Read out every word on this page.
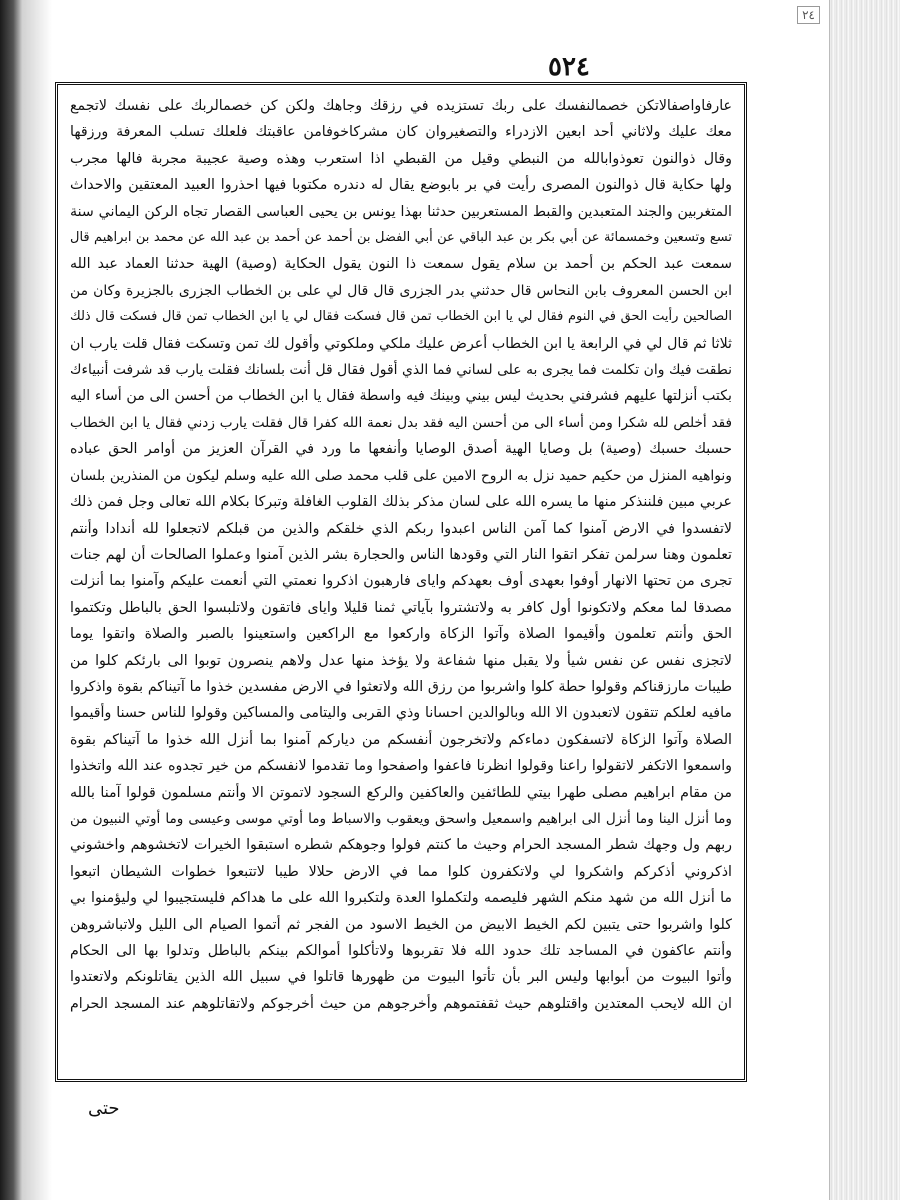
٢٤
٥٢٤
عارفاواصفالاتكن خصمالنفسك على ربك تستزيده في رزقك وجاهك ولكن كن خصمالربك على نفسك لاتجمع
معك عليك ولاثاني أحد ابعين الازدراء والتصغيروان كان مشركاخوفامن عاقبتك فلعلك تسلب المعرفة ورزقها
وقال ذوالنون تعوذوابالله من النبطي وقيل من القبطي اذا استعرب وهذه وصية عجيبة مجربة فالها مجرب
ولها حكاية قال ذوالنون المصرى رأيت في بر بابوضع يقال له دندره مكتوبا فيها احذروا العبيد المعتقين والاحداث
المتغربين والجند المتعبدين والقبط المستعربين حدثنا بهذا يونس بن يحيى العباسى القصار تجاه الركن اليماني سنة
تسع وتسعين وخمسمائة عن أبي بكر بن عبد الباقي عن أبي الفضل بن أحمد عن أحمد بن عبد الله عن محمد بن ابراهيم قال
سمعت عبد الحكم بن أحمد بن سلام يقول سمعت ذا النون يقول الحكاية (وصية) الهية حدثنا العماد عبد الله
ابن الحسن المعروف بابن النحاس قال حدثني بدر الجزرى قال قال لي على بن الخطاب الجزرى بالجزيرة وكان من
الصالحين رأيت الحق في النوم فقال لي يا ابن الخطاب تمن قال فسكت فقال لي يا ابن الخطاب تمن قال فسكت قال ذلك
ثلاثا ثم قال لي في الرابعة يا ابن الخطاب أعرض عليك ملكي وملكوتي وأقول لك تمن وتسكت فقال قلت يارب ان
نطقت فيك وان تكلمت فما يجرى به على لساني فما الذي أقول فقال قل أنت بلسانك فقلت يارب قد شرفت أنبياءك
بكتب أنزلتها عليهم فشرفني بحديث ليس بيني وبينك فيه واسطة فقال يا ابن الخطاب من أحسن الى من أساء اليه
فقد أخلص لله شكرا ومن أساء الى من أحسن اليه فقد بدل نعمة الله كفرا قال فقلت يارب زدني فقال يا ابن الخطاب
حسبك حسبك (وصية) بل وصايا الهية أصدق الوصايا وأنفعها ما ورد في القرآن العزيز من أوامر الحق عباده
ونواهيه المنزل من حكيم حميد نزل به الروح الامين على قلب محمد صلى الله عليه وسلم ليكون من المنذرين بلسان
عربي مبين فلننذكر منها ما يسره الله على لسان مذكر بذلك القلوب الغافلة وتبركا بكلام الله تعالى وجل فمن ذلك
لاتفسدوا في الارض آمنوا كما آمن الناس اعبدوا ربكم الذي خلقكم والذين من قبلكم لاتجعلوا لله أندادا وأنتم
تعلمون وهنا سرلمن تفكر اتقوا النار التي وقودها الناس والحجارة بشر الذين آمنوا وعملوا الصالحات أن لهم جنات
تجرى من تحتها الانهار أوفوا بعهدى أوف بعهدكم واياى فارهبون اذكروا نعمتي التي أنعمت عليكم وآمنوا بما أنزلت
مصدقا لما معكم ولاتكونوا أول كافر به ولاتشتروا بآياتي ثمنا قليلا واياى فاتقون ولاتلبسوا الحق بالباطل وتكتموا
الحق وأنتم تعلمون وأقيموا الصلاة وآتوا الزكاة واركعوا مع الراكعين واستعينوا بالصبر والصلاة واتقوا يوما
لاتجزى نفس عن نفس شيأ ولا يقبل منها شفاعة ولا يؤخذ منها عدل ولاهم ينصرون توبوا الى بارئكم كلوا من
طيبات مارزقناكم وقولوا حطة كلوا واشربوا من رزق الله ولاتعثوا في الارض مفسدين خذوا ما آتيناكم بقوة واذكروا
مافيه لعلكم تتقون لاتعبدون الا الله وبالوالدين احسانا وذي القربى واليتامى والمساكين وقولوا للناس حسنا وأقيموا
الصلاة وآتوا الزكاة لاتسفكون دماءكم ولاتخرجون أنفسكم من دياركم آمنوا بما أنزل الله خذوا ما آتيناكم بقوة
واسمعوا الاتكفر لاتقولوا راعنا وقولوا انظرنا فاعفوا واصفحوا وما تقدموا لانفسكم من خير تجدوه عند الله واتخذوا
من مقام ابراهيم مصلى طهرا بيتي للطائفين والعاكفين والركع السجود لاتموتن الا وأنتم مسلمون قولوا آمنا بالله
وما أنزل الينا وما أنزل الى ابراهيم واسمعيل واسحق ويعقوب والاسباط وما أوتي موسى وعيسى وما أوتي النبيون من
ربهم ول وجهك شطر المسجد الحرام وحيث ما كنتم فولوا وجوهكم شطره استبقوا الخيرات لاتخشوهم واخشوني
اذكروني أذكركم واشكروا لي ولاتكفرون كلوا مما في الارض حلالا طيبا لاتتبعوا خطوات الشيطان اتبعوا
ما أنزل الله من شهد منكم الشهر فليصمه ولتكملوا العدة ولتكبروا الله على ما هداكم فليستجيبوا لي وليؤمنوا بي
كلوا واشربوا حتى يتبين لكم الخيط الابيض من الخيط الاسود من الفجر ثم أتموا الصيام الى الليل ولاتباشروهن
وأنتم عاكفون في المساجد تلك حدود الله فلا تقربوها ولاتأكلوا أموالكم بينكم بالباطل وتدلوا بها الى الحكام
وأتوا البيوت من أبوابها وليس البر بأن تأتوا البيوت من ظهورها قاتلوا في سبيل الله الذين يقاتلونكم ولاتعتدوا
ان الله لايحب المعتدين واقتلوهم حيث ثقفتموهم وأخرجوهم من حيث أخرجوكم ولاتقاتلوهم عند المسجد الحرام
حتى
